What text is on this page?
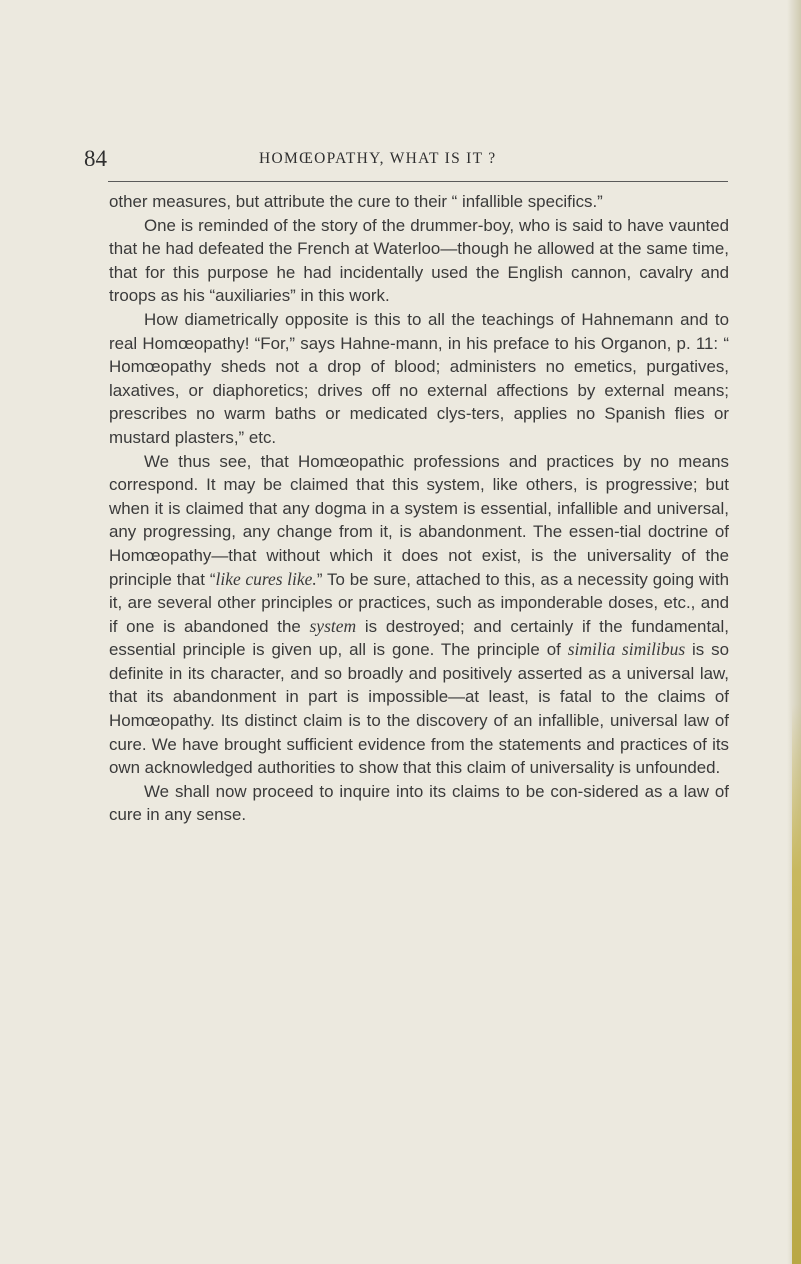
84	HOMŒOPATHY, WHAT IS IT ?

other measures, but attribute the cure to their “ infallible specifics.”

One is reminded of the story of the drummer-boy, who is said to have vaunted that he had defeated the French at Waterloo—though he allowed at the same time, that for this purpose he had incidentally used the English cannon, cavalry and troops as his “auxiliaries” in this work.

How diametrically opposite is this to all the teachings of Hahnemann and to real Homœopathy! “For,” says Hahne-mann, in his preface to his Organon, p. 11: “ Homœopathy sheds not a drop of blood; administers no emetics, purgatives, laxatives, or diaphoretics; drives off no external affections by external means; prescribes no warm baths or medicated clys-ters, applies no Spanish flies or mustard plasters,” etc.

We thus see, that Homœopathic professions and practices by no means correspond. It may be claimed that this system, like others, is progressive; but when it is claimed that any dogma in a system is essential, infallible and universal, any progressing, any change from it, is abandonment. The essen-tial doctrine of Homœopathy—that without which it does not exist, is the universality of the principle that “like cures like.” To be sure, attached to this, as a necessity going with it, are several other principles or practices, such as imponderable doses, etc., and if one is abandoned the system is destroyed; and certainly if the fundamental, essential principle is given up, all is gone. The principle of similia similibus is so definite in its character, and so broadly and positively asserted as a universal law, that its abandonment in part is impossible—at least, is fatal to the claims of Homœopathy. Its distinct claim is to the discovery of an infallible, universal law of cure. We have brought sufficient evidence from the statements and practices of its own acknowledged authorities to show that this claim of universality is unfounded.

We shall now proceed to inquire into its claims to be con-sidered as a law of cure in any sense.
